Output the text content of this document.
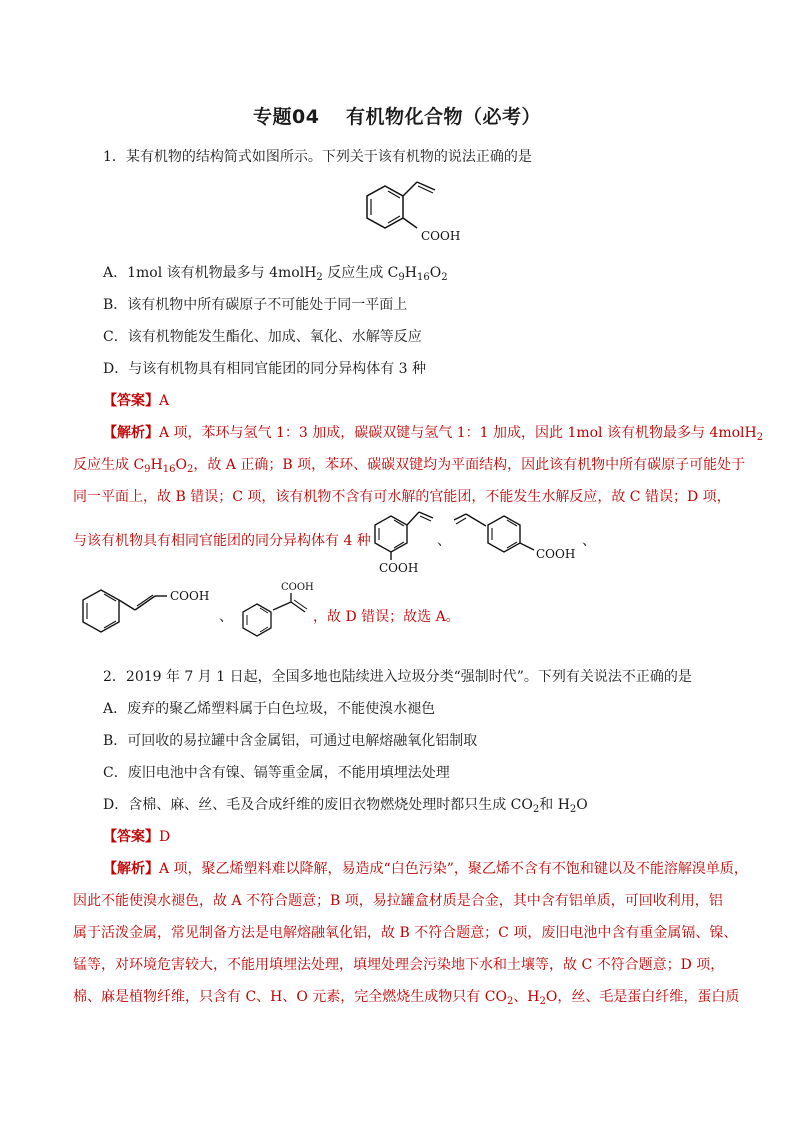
专题04　 有机物化合物（必考）
1．某有机物的结构简式如图所示。下列关于该有机物的说法正确的是
COOH
A．1mol 该有机物最多与 4molH$_2$ 反应生成 $C_9H_{16}O_2$
B．该有机物中所有碳原子不可能处于同一平面上
C．该有机物能发生酯化、加成、氧化、水解等反应
D．与该有机物具有相同官能团的同分异构体有 3 种
【答案】A
【解析】A 项，苯环与氢气 1：3 加成，碳碳双键与氢气 1：1 加成，因此 1mol 该有机物最多与 4molH$_2$
反应生成 $C_9H_{16}O_2$，故 A 正确；B 项，苯环、碳碳双键均为平面结构，因此该有机物中所有碳原子可能处于
同一平面上，故 B 错误；C 项，该有机物不含有可水解的官能团，不能发生水解反应，故 C 错误；D 项，
与该有机物具有相同官能团的同分异构体有 4 种
COOH
、
COOH
、
COOH
、
COOH
，故 D 错误；故选 A。
2．2019 年 7 月 1 日起，全国多地也陆续进入垃圾分类“强制时代”。下列有关说法不正确的是
A．废弃的聚乙烯塑料属于白色垃圾，不能使溴水褪色
B．可回收的易拉罐中含金属铝，可通过电解熔融氧化铝制取
C．废旧电池中含有镍、镉等重金属，不能用填埋法处理
D．含棉、麻、丝、毛及合成纤维的废旧衣物燃烧处理时都只生成 $CO_2$和 $H_2O$
【答案】D
【解析】A 项，聚乙烯塑料难以降解，易造成“白色污染”，聚乙烯不含有不饱和键以及不能溶解溴单质，
因此不能使溴水褪色，故 A 不符合题意；B 项，易拉罐盒材质是合金，其中含有铝单质，可回收利用，铝
属于活泼金属，常见制备方法是电解熔融氧化铝，故 B 不符合题意；C 项，废旧电池中含有重金属镉、镍、
锰等，对环境危害较大，不能用填埋法处理，填埋处理会污染地下水和土壤等，故 C 不符合题意；D 项，
棉、麻是植物纤维，只含有 C、H、O 元素，完全燃烧生成物只有 $CO_2$、$H_2O$，丝、毛是蛋白纤维，蛋白质
